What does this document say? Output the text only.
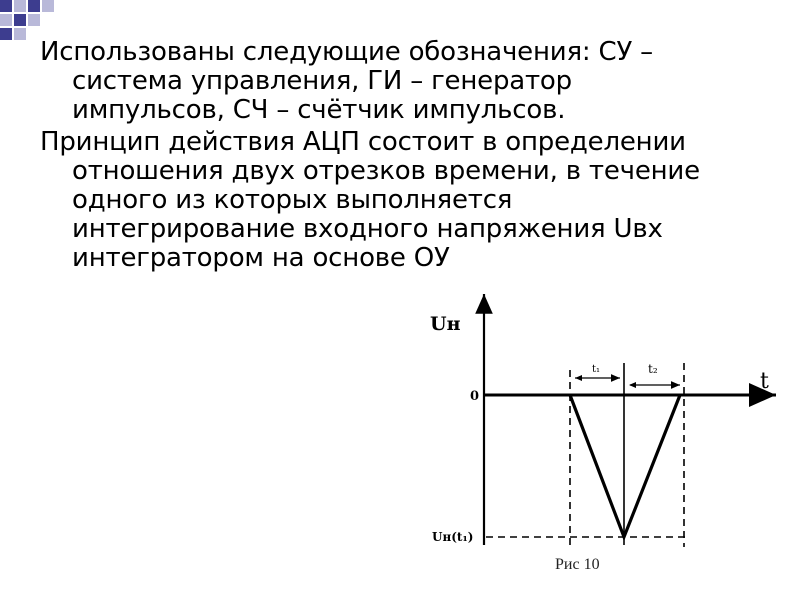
Использованы следующие обозначения: СУ –
система управления, ГИ – генератор
импульсов, СЧ – счётчик импульсов.
Принцип действия АЦП состоит в определении
отношения двух отрезков времени, в течение
одного из которых выполняется
интегрирование входного напряжения Uвх
интегратором на основе ОУ
Uн
t
0
Uн(t₁)
t₁	t₂
Рис 10
